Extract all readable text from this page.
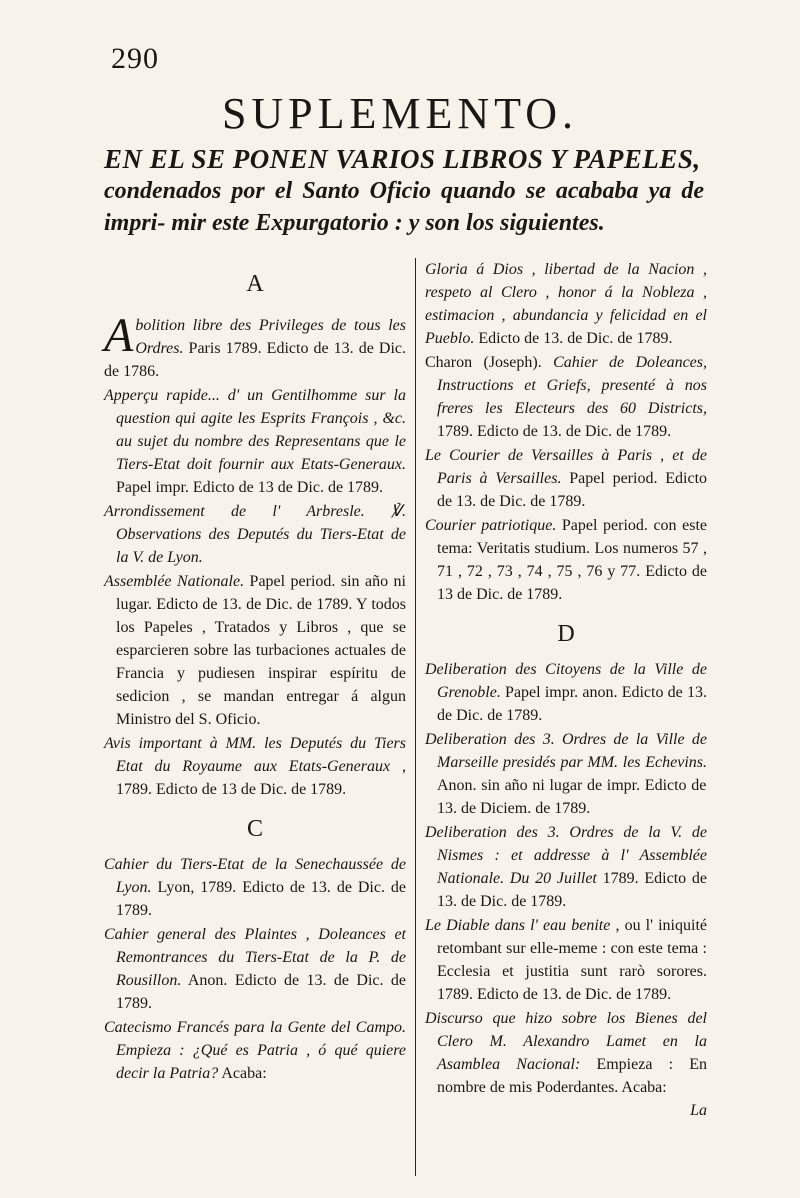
290
SUPLEMENTO.
EN EL SE PONEN VARIOS LIBROS Y PAPELES,
condenados por el Santo Oficio quando se acababa ya de impri- mir este Expurgatorio : y son los siguientes.
A

Abolition libre des Privileges de tous les Ordres. Paris 1789. Edicto de 13. de Dic. de 1786.

Apperçu rapide... d' un Gentilhomme sur la question qui agite les Esprits François , &c. au sujet du nombre des Representans que le Tiers-Etat doit fournir aux Etats-Generaux. Papel impr. Edicto de 13 de Dic. de 1789.

Arrondissement de l' Arbresle. ℣. Observations des Deputés du Tiers-Etat de la V. de Lyon.

Assemblée Nationale. Papel period. sin año ni lugar. Edicto de 13. de Dic. de 1789. Y todos los Papeles , Tratados y Libros , que se esparcieren sobre las turbaciones actuales de Francia y pudiesen inspirar espíritu de sedicion , se mandan entregar á algun Ministro del S. Oficio.

Avis important à MM. les Deputés du Tiers Etat du Royaume aux Etats-Generaux , 1789. Edicto de 13 de Dic. de 1789.

C

Cahier du Tiers-Etat de la Senechaussée de Lyon. Lyon, 1789. Edicto de 13. de Dic. de 1789.

Cahier general des Plaintes , Doleances et Remontrances du Tiers-Etat de la P. de Rousillon. Anon. Edicto de 13. de Dic. de 1789.

Catecismo Francés para la Gente del Campo. Empieza : ¿Qué es Patria , ó qué quiere decir la Patria? Acaba:

Gloria á Dios , libertad de la Nacion , respeto al Clero , honor á la Nobleza , estimacion , abundancia y felicidad en el Pueblo. Edicto de 13. de Dic. de 1789.

Charon (Joseph). Cahier de Doleances, Instructions et Griefs, presenté à nos freres les Electeurs des 60 Districts, 1789. Edicto de 13. de Dic. de 1789.

Le Courier de Versailles à Paris , et de Paris à Versailles. Papel period. Edicto de 13. de Dic. de 1789.

Courier patriotique. Papel period. con este tema: Veritatis studium. Los numeros 57 , 71 , 72 , 73 , 74 , 75 , 76 y 77. Edicto de 13 de Dic. de 1789.

D

Deliberation des Citoyens de la Ville de Grenoble. Papel impr. anon. Edicto de 13. de Dic. de 1789.

Deliberation des 3. Ordres de la Ville de Marseille presidés par MM. les Echevins. Anon. sin año ni lugar de impr. Edicto de 13. de Diciem. de 1789.

Deliberation des 3. Ordres de la V. de Nismes : et addresse à l' Assemblée Nationale. Du 20 Juillet 1789. Edicto de 13. de Dic. de 1789.

Le Diable dans l' eau benite , ou l' iniquité retombant sur elle-meme : con este tema : Ecclesia et justitia sunt rarò sorores. 1789. Edicto de 13. de Dic. de 1789.

Discurso que hizo sobre los Bienes del Clero M. Alexandro Lamet en la Asamblea Nacional: Empieza : En nombre de mis Poderdantes. Acaba:

La
